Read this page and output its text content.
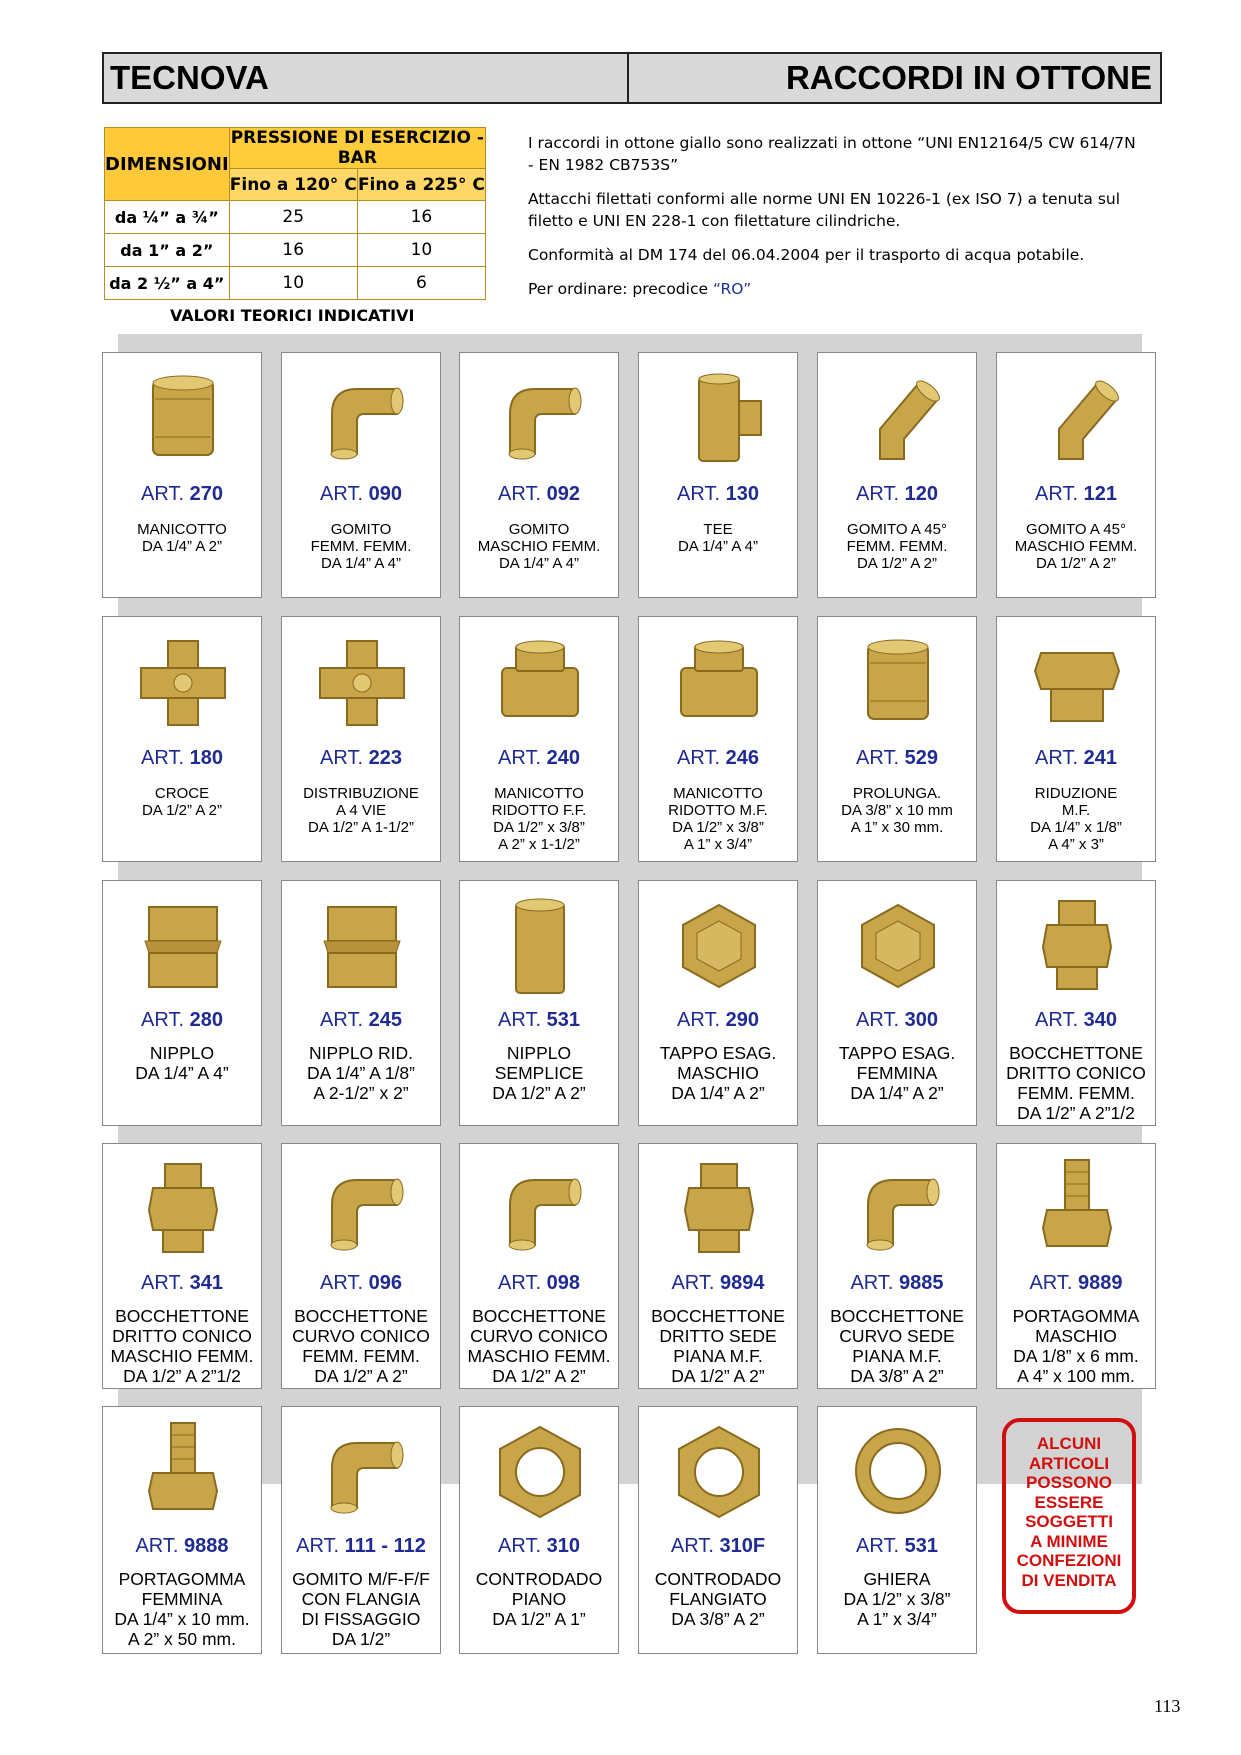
TECNOVA	RACCORDI IN OTTONE
DIMENSIONI	PRESSIONE DI ESERCIZIO - BAR	
	Fino a 120° C	Fino a 225° C
da ¼” a ¾”	25	16
da 1” a 2”	16	10
da 2 ½” a 4”	10	6
VALORI TEORICI INDICATIVI

I raccordi in ottone giallo sono realizzati in ottone “UNI EN12164/5 CW 614/7N - EN 1982 CB753S”

Attacchi filettati conformi alle norme UNI EN 10226-1 (ex ISO 7) a tenuta sul filetto e UNI EN 228-1 con filettature cilindriche.

Conformità al DM 174 del 06.04.2004 per il trasporto di acqua potabile.

Per ordinare: precodice “RO”

ART. 270
MANICOTTO
DA 1/4” A 2”
ART. 090
GOMITO
FEMM. FEMM.
DA 1/4” A 4”
ART. 092
GOMITO
MASCHIO FEMM.
DA 1/4” A 4”
ART. 130
TEE
DA 1/4” A 4”
ART. 120
GOMITO A 45°
FEMM. FEMM.
DA 1/2” A 2”
ART. 121
GOMITO A 45°
MASCHIO FEMM.
DA 1/2” A 2”
ART. 180
CROCE
DA 1/2” A 2”
ART. 223
DISTRIBUZIONE
A 4 VIE
DA 1/2” A 1-1/2”
ART. 240
MANICOTTO
RIDOTTO F.F.
DA 1/2” x 3/8”
A 2” x 1-1/2”
ART. 246
MANICOTTO
RIDOTTO M.F.
DA 1/2” x 3/8”
A 1” x 3/4”
ART. 529
PROLUNGA.
DA 3/8” x 10 mm
A 1” x 30 mm.
ART. 241
RIDUZIONE
M.F.
DA 1/4” x 1/8”
A 4” x 3”
ART. 280
NIPPLO
DA 1/4” A 4”
ART. 245
NIPPLO RID.
DA 1/4” A 1/8”
A 2-1/2” x 2”
ART. 531
NIPPLO
SEMPLICE
DA 1/2” A 2”
ART. 290
TAPPO ESAG.
MASCHIO
DA 1/4” A 2”
ART. 300
TAPPO ESAG.
FEMMINA
DA 1/4” A 2”
ART. 340
BOCCHETTONE
DRITTO CONICO
FEMM. FEMM.
DA 1/2” A 2”1/2
ART. 341
BOCCHETTONE
DRITTO CONICO
MASCHIO FEMM.
DA 1/2” A 2”1/2
ART. 096
BOCCHETTONE
CURVO CONICO
FEMM. FEMM.
DA 1/2” A 2”
ART. 098
BOCCHETTONE
CURVO CONICO
MASCHIO FEMM.
DA 1/2” A 2”
ART. 9894
BOCCHETTONE
DRITTO SEDE
PIANA M.F.
DA 1/2” A 2”
ART. 9885
BOCCHETTONE
CURVO SEDE
PIANA M.F.
DA 3/8” A 2”
ART. 9889
PORTAGOMMA
MASCHIO
DA 1/8” x 6 mm.
A 4” x 100 mm.
ART. 9888
PORTAGOMMA
FEMMINA
DA 1/4” x 10 mm.
A 2” x 50 mm.
ART. 111 - 112
GOMITO M/F-F/F
CON FLANGIA
DI FISSAGGIO
DA 1/2”
ART. 310
CONTRODADO
PIANO
DA 1/2” A 1”
ART. 310F
CONTRODADO
FLANGIATO
DA 3/8” A 2”
ART. 531
GHIERA
DA 1/2” x 3/8”
A 1” x 3/4”
ALCUNI
ARTICOLI
POSSONO
ESSERE
SOGGETTI
A MINIME
CONFEZIONI
DI VENDITA
113
